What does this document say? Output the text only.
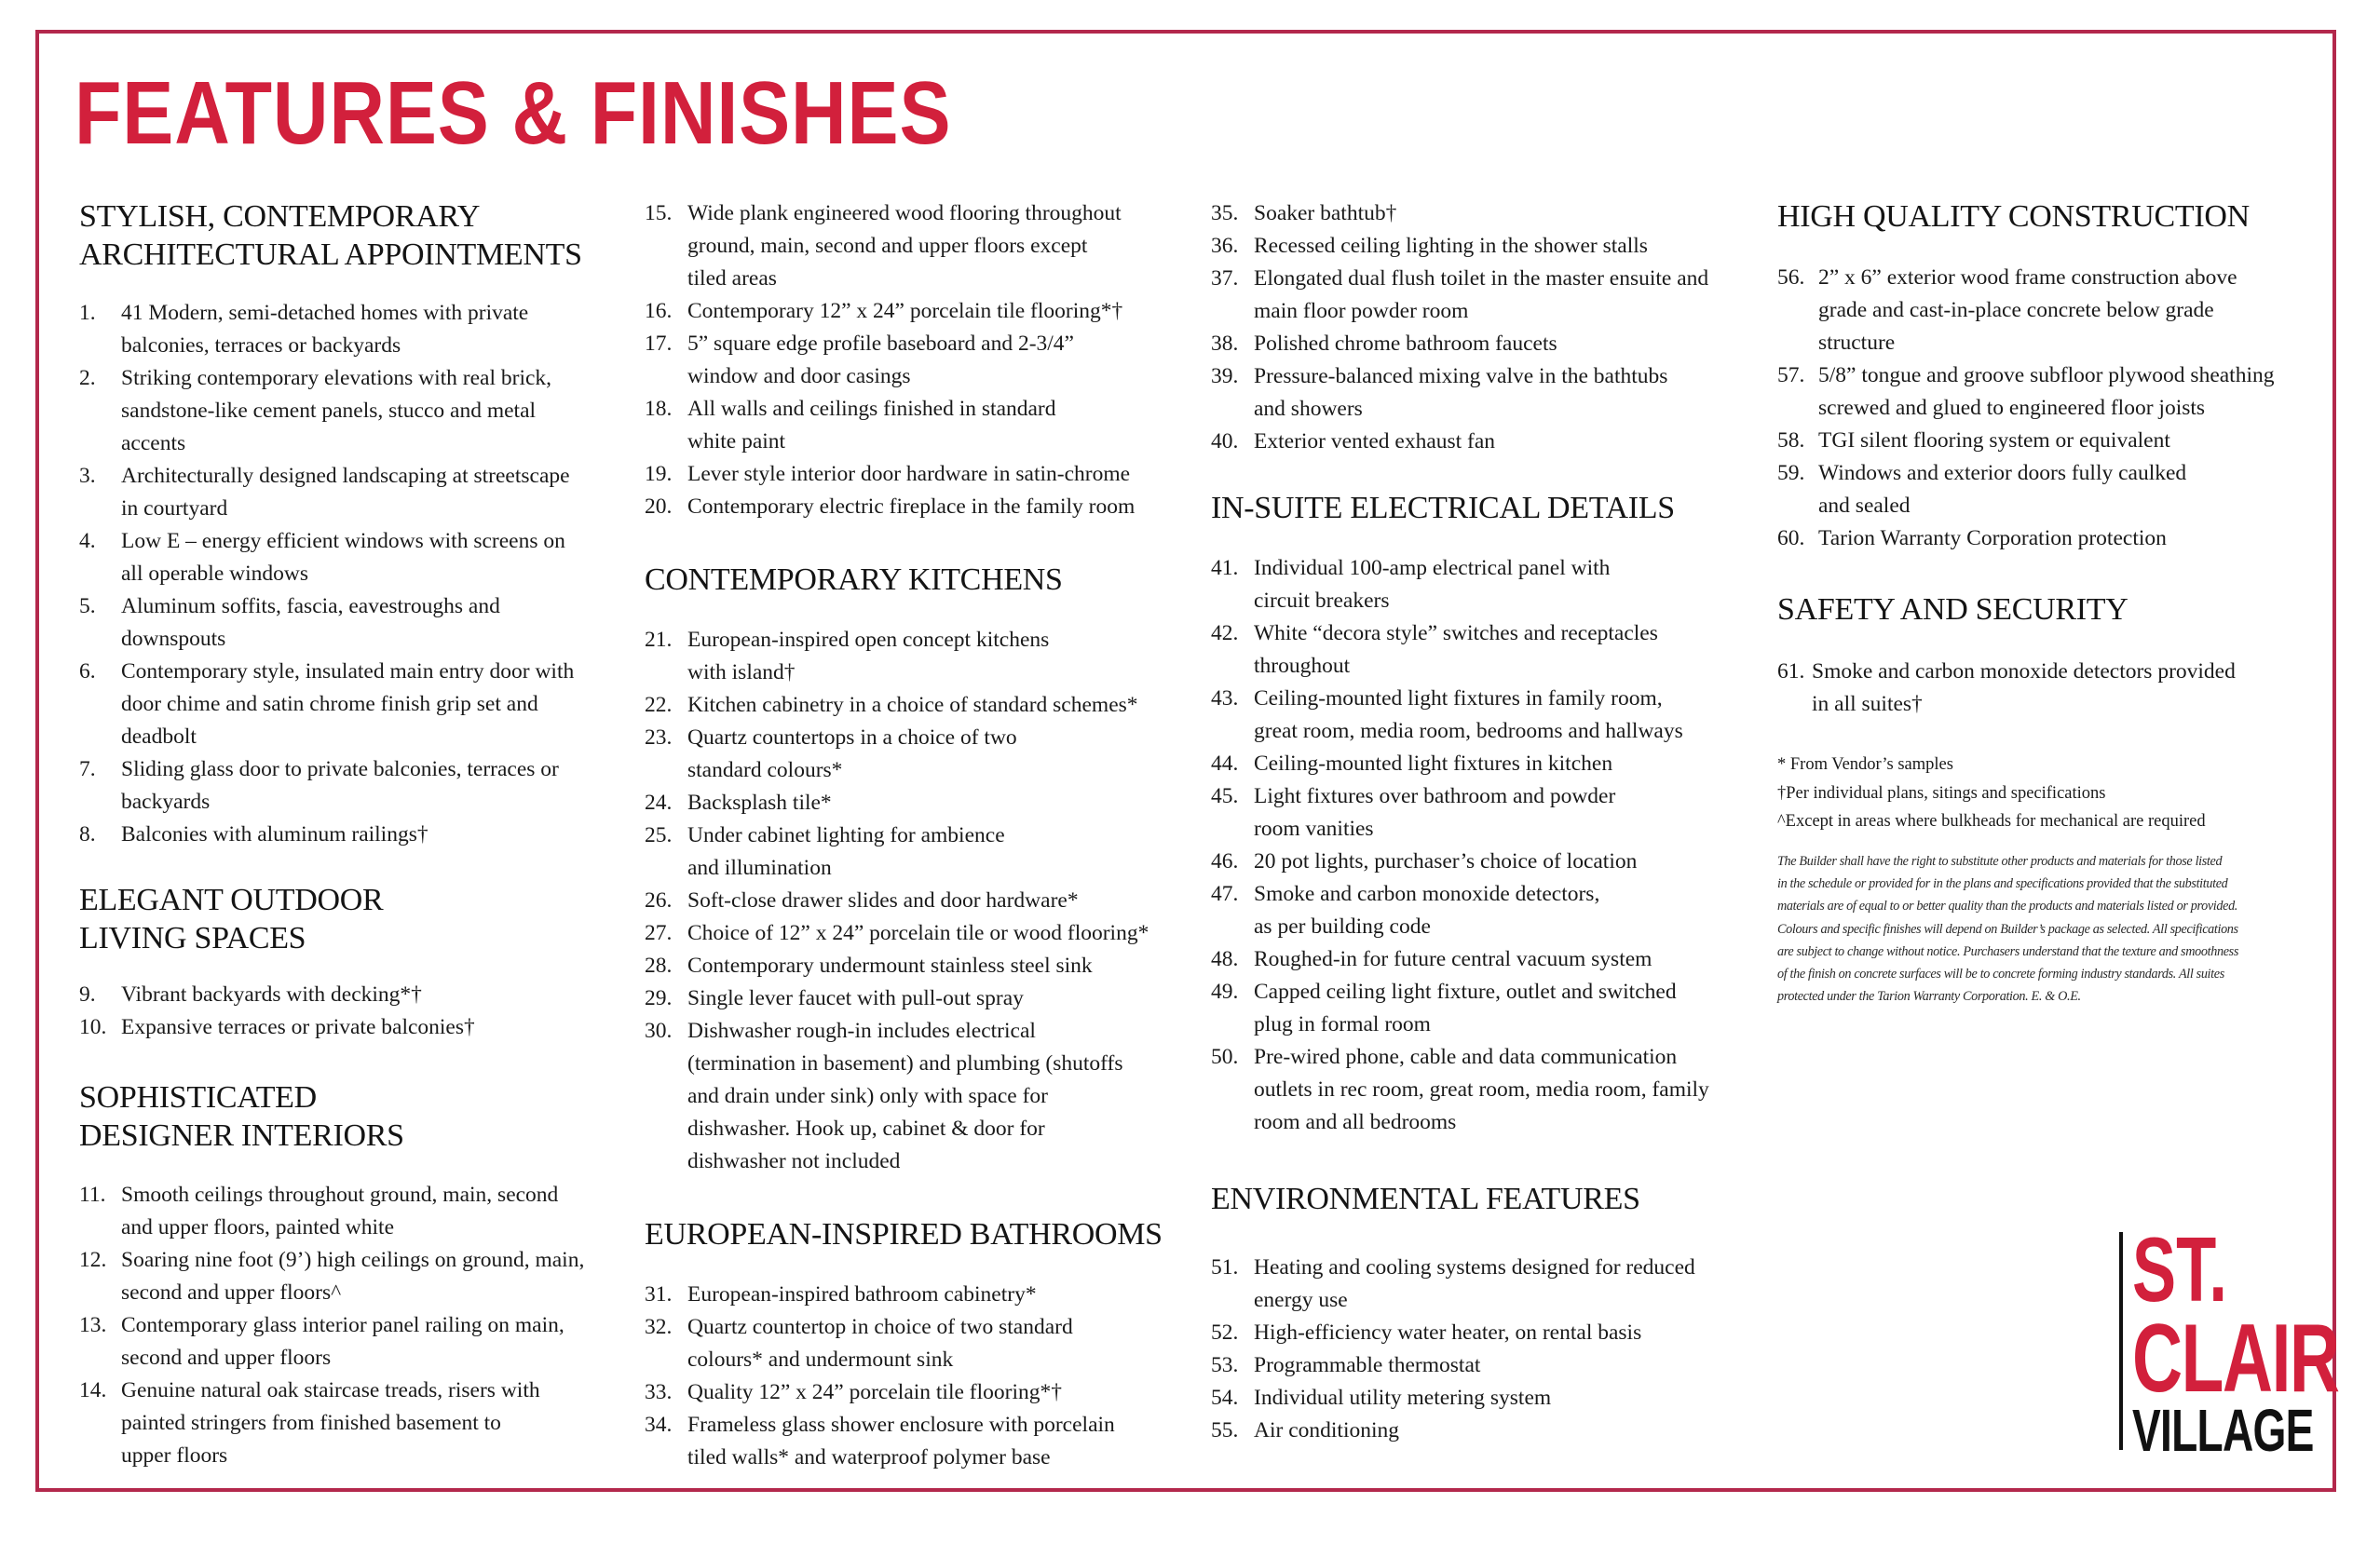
FEATURES & FINISHES
STYLISH, CONTEMPORARY
ARCHITECTURAL APPOINTMENTS
1. 41 Modern, semi-detached homes with private
balconies, terraces or backyards
2. Striking contemporary elevations with real brick,
sandstone-like cement panels, stucco and metal
accents
3. Architecturally designed landscaping at streetscape
in courtyard
4. Low E – energy efficient windows with screens on
all operable windows
5. Aluminum soffits, fascia, eavestroughs and
downspouts
6. Contemporary style, insulated main entry door with
door chime and satin chrome finish grip set and
deadbolt
7. Sliding glass door to private balconies, terraces or
backyards
8. Balconies with aluminum railings†
ELEGANT OUTDOOR
LIVING SPACES
9. Vibrant backyards with decking*†
10. Expansive terraces or private balconies†
SOPHISTICATED
DESIGNER INTERIORS
11. Smooth ceilings throughout ground, main, second
and upper floors, painted white
12. Soaring nine foot (9’) high ceilings on ground, main,
second and upper floors^
13. Contemporary glass interior panel railing on main,
second and upper floors
14. Genuine natural oak staircase treads, risers with
painted stringers from finished basement to
upper floors
15. Wide plank engineered wood flooring throughout
ground, main, second and upper floors except
tiled areas
16. Contemporary 12” x 24” porcelain tile flooring*†
17. 5” square edge profile baseboard and 2-3/4”
window and door casings
18. All walls and ceilings finished in standard
white paint
19. Lever style interior door hardware in satin-chrome
20. Contemporary electric fireplace in the family room
CONTEMPORARY KITCHENS
21. European-inspired open concept kitchens
with island†
22. Kitchen cabinetry in a choice of standard schemes*
23. Quartz countertops in a choice of two
standard colours*
24. Backsplash tile*
25. Under cabinet lighting for ambience
and illumination
26. Soft-close drawer slides and door hardware*
27. Choice of 12” x 24” porcelain tile or wood flooring*
28. Contemporary undermount stainless steel sink
29. Single lever faucet with pull-out spray
30. Dishwasher rough-in includes electrical
(termination in basement) and plumbing (shutoffs
and drain under sink) only with space for
dishwasher. Hook up, cabinet & door for
dishwasher not included
EUROPEAN-INSPIRED BATHROOMS
31. European-inspired bathroom cabinetry*
32. Quartz countertop in choice of two standard
colours* and undermount sink
33. Quality 12” x 24” porcelain tile flooring*†
34. Frameless glass shower enclosure with porcelain
tiled walls* and waterproof polymer base
35. Soaker bathtub†
36. Recessed ceiling lighting in the shower stalls
37. Elongated dual flush toilet in the master ensuite and
main floor powder room
38. Polished chrome bathroom faucets
39. Pressure-balanced mixing valve in the bathtubs
and showers
40. Exterior vented exhaust fan
IN-SUITE ELECTRICAL DETAILS
41. Individual 100-amp electrical panel with
circuit breakers
42. White “decora style” switches and receptacles
throughout
43. Ceiling-mounted light fixtures in family room,
great room, media room, bedrooms and hallways
44. Ceiling-mounted light fixtures in kitchen
45. Light fixtures over bathroom and powder
room vanities
46. 20 pot lights, purchaser’s choice of location
47. Smoke and carbon monoxide detectors,
as per building code
48. Roughed-in for future central vacuum system
49. Capped ceiling light fixture, outlet and switched
plug in formal room
50. Pre-wired phone, cable and data communication
outlets in rec room, great room, media room, family
room and all bedrooms
ENVIRONMENTAL FEATURES
51. Heating and cooling systems designed for reduced
energy use
52. High-efficiency water heater, on rental basis
53. Programmable thermostat
54. Individual utility metering system
55. Air conditioning
HIGH QUALITY CONSTRUCTION
56. 2” x 6” exterior wood frame construction above
grade and cast-in-place concrete below grade
structure
57. 5/8” tongue and groove subfloor plywood sheathing
screwed and glued to engineered floor joists
58. TGI silent flooring system or equivalent
59. Windows and exterior doors fully caulked
and sealed
60. Tarion Warranty Corporation protection
SAFETY AND SECURITY
61. Smoke and carbon monoxide detectors provided
in all suites†
* From Vendor’s samples
†Per individual plans, sitings and specifications
^Except in areas where bulkheads for mechanical are required
The Builder shall have the right to substitute other products and materials for those listed
in the schedule or provided for in the plans and specifications provided that the substituted
materials are of equal to or better quality than the products and materials listed or provided.
Colours and specific finishes will depend on Builder’s package as selected. All specifications
are subject to change without notice. Purchasers understand that the texture and smoothness
of the finish on concrete surfaces will be to concrete forming industry standards. All suites
protected under the Tarion Warranty Corporation. E. & O.E.
ST.
CLAIR
VILLAGE
